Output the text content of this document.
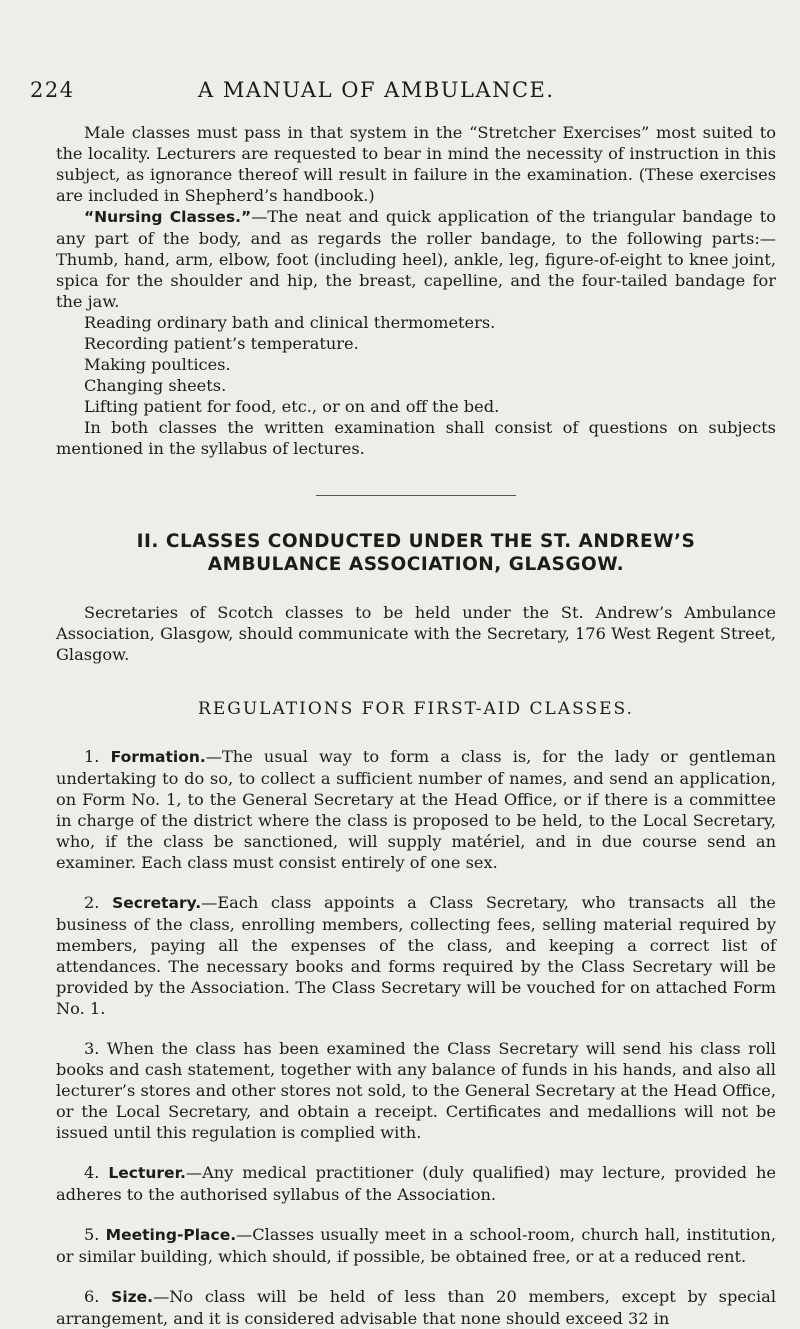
224	A MANUAL OF AMBULANCE.

Male classes must pass in that system in the “Stretcher Exercises” most suited to the locality. Lecturers are requested to bear in mind the necessity of instruction in this subject, as ignorance thereof will result in failure in the examination. (These exercises are included in Shepherd’s handbook.)

“Nursing Classes.”—The neat and quick application of the triangular bandage to any part of the body, and as regards the roller bandage, to the following parts:—Thumb, hand, arm, elbow, foot (including heel), ankle, leg, figure-of-eight to knee joint, spica for the shoulder and hip, the breast, capelline, and the four-tailed bandage for the jaw.

Reading ordinary bath and clinical thermometers.

Recording patient’s temperature.

Making poultices.

Changing sheets.

Lifting patient for food, etc., or on and off the bed.

In both classes the written examination shall consist of questions on subjects mentioned in the syllabus of lectures.

II. CLASSES CONDUCTED UNDER THE ST. ANDREW’S
AMBULANCE ASSOCIATION, GLASGOW.

Secretaries of Scotch classes to be held under the St. Andrew’s Ambulance Association, Glasgow, should communicate with the Secretary, 176 West Regent Street, Glasgow.

REGULATIONS FOR FIRST-AID CLASSES.

1. Formation.—The usual way to form a class is, for the lady or gentleman undertaking to do so, to collect a sufficient number of names, and send an application, on Form No. 1, to the General Secretary at the Head Office, or if there is a committee in charge of the district where the class is proposed to be held, to the Local Secretary, who, if the class be sanctioned, will supply matériel, and in due course send an examiner. Each class must consist entirely of one sex.

2. Secretary.—Each class appoints a Class Secretary, who transacts all the business of the class, enrolling members, collecting fees, selling material required by members, paying all the expenses of the class, and keeping a correct list of attendances. The necessary books and forms required by the Class Secretary will be provided by the Association. The Class Secretary will be vouched for on attached Form No. 1.

3. When the class has been examined the Class Secretary will send his class roll books and cash statement, together with any balance of funds in his hands, and also all lecturer’s stores and other stores not sold, to the General Secretary at the Head Office, or the Local Secretary, and obtain a receipt. Certificates and medallions will not be issued until this regulation is complied with.

4. Lecturer.—Any medical practitioner (duly qualified) may lecture, provided he adheres to the authorised syllabus of the Association.

5. Meeting-Place.—Classes usually meet in a school-room, church hall, institution, or similar building, which should, if possible, be obtained free, or at a reduced rent.

6. Size.—No class will be held of less than 20 members, except by special arrangement, and it is considered advisable that none should exceed 32 in
